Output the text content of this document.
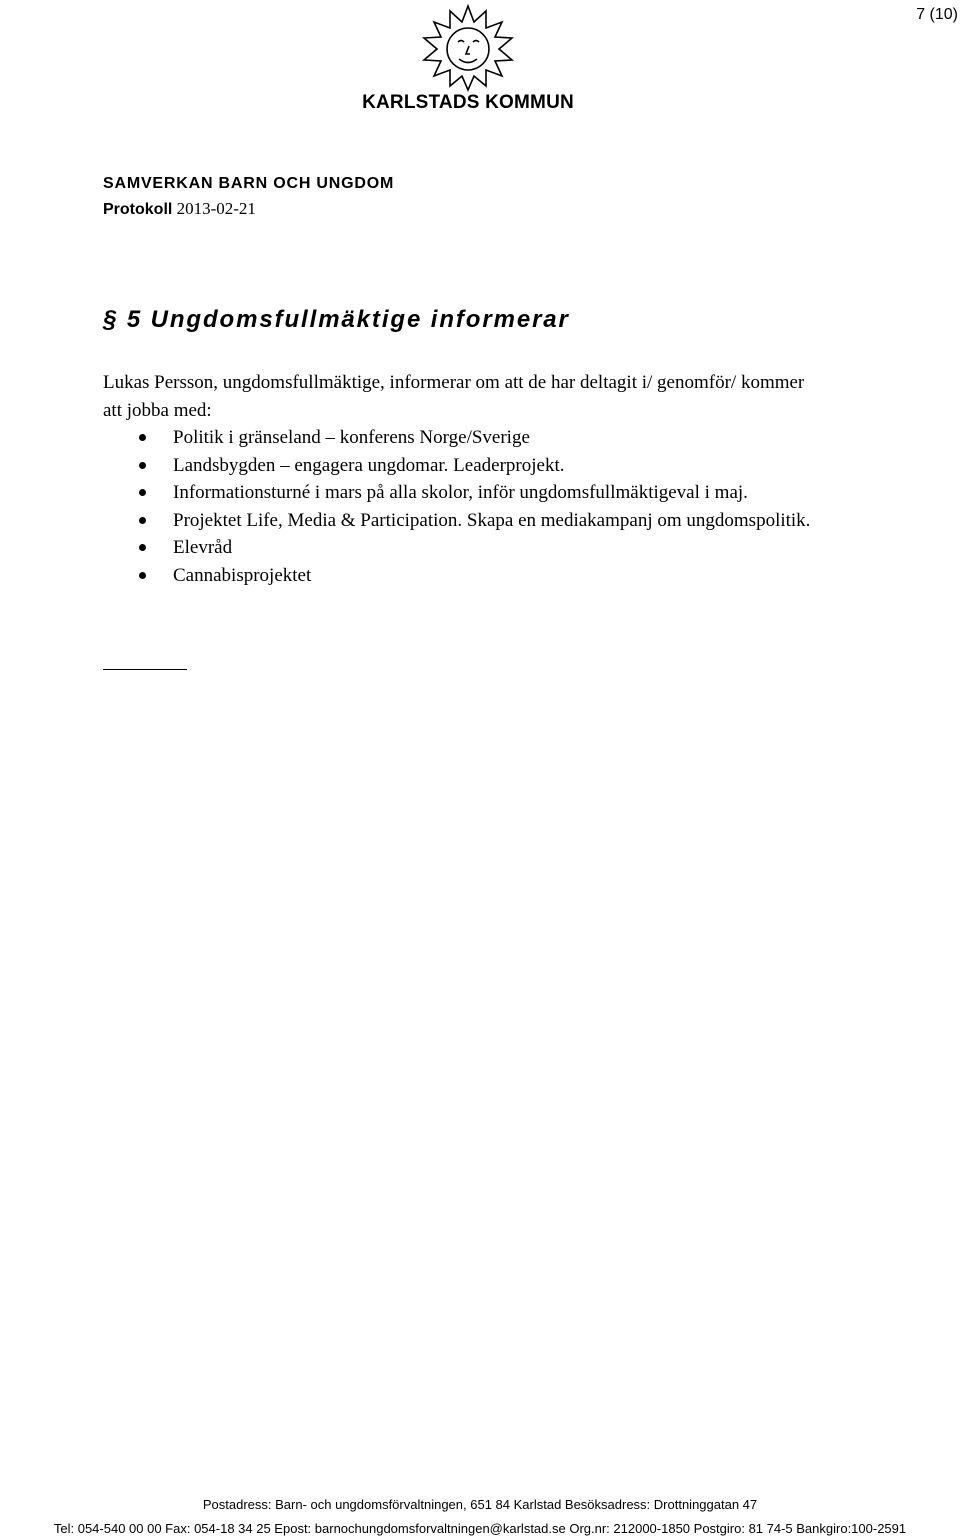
7 (10)
KARLSTADS KOMMUN
SAMVERKAN BARN OCH UNGDOM
Protokoll 2013-02-21
§ 5 Ungdomsfullmäktige informerar
Lukas Persson, ungdomsfullmäktige, informerar om att de har deltagit i/ genomför/ kommer att jobba med:
Politik i gränseland – konferens Norge/Sverige
Landsbygden – engagera ungdomar. Leaderprojekt.
Informationsturné i mars på alla skolor, inför ungdomsfullmäktigeval i maj.
Projektet Life, Media & Participation. Skapa en mediakampanj om ungdomspolitik.
Elevråd
Cannabisprojektet
Postadress: Barn- och ungdomsförvaltningen, 651 84 Karlstad Besöksadress: Drottninggatan 47
Tel: 054-540 00 00 Fax: 054-18 34 25 Epost: barnochungdomsforvaltningen@karlstad.se Org.nr: 212000-1850 Postgiro: 81 74-5 Bankgiro:100-2591
